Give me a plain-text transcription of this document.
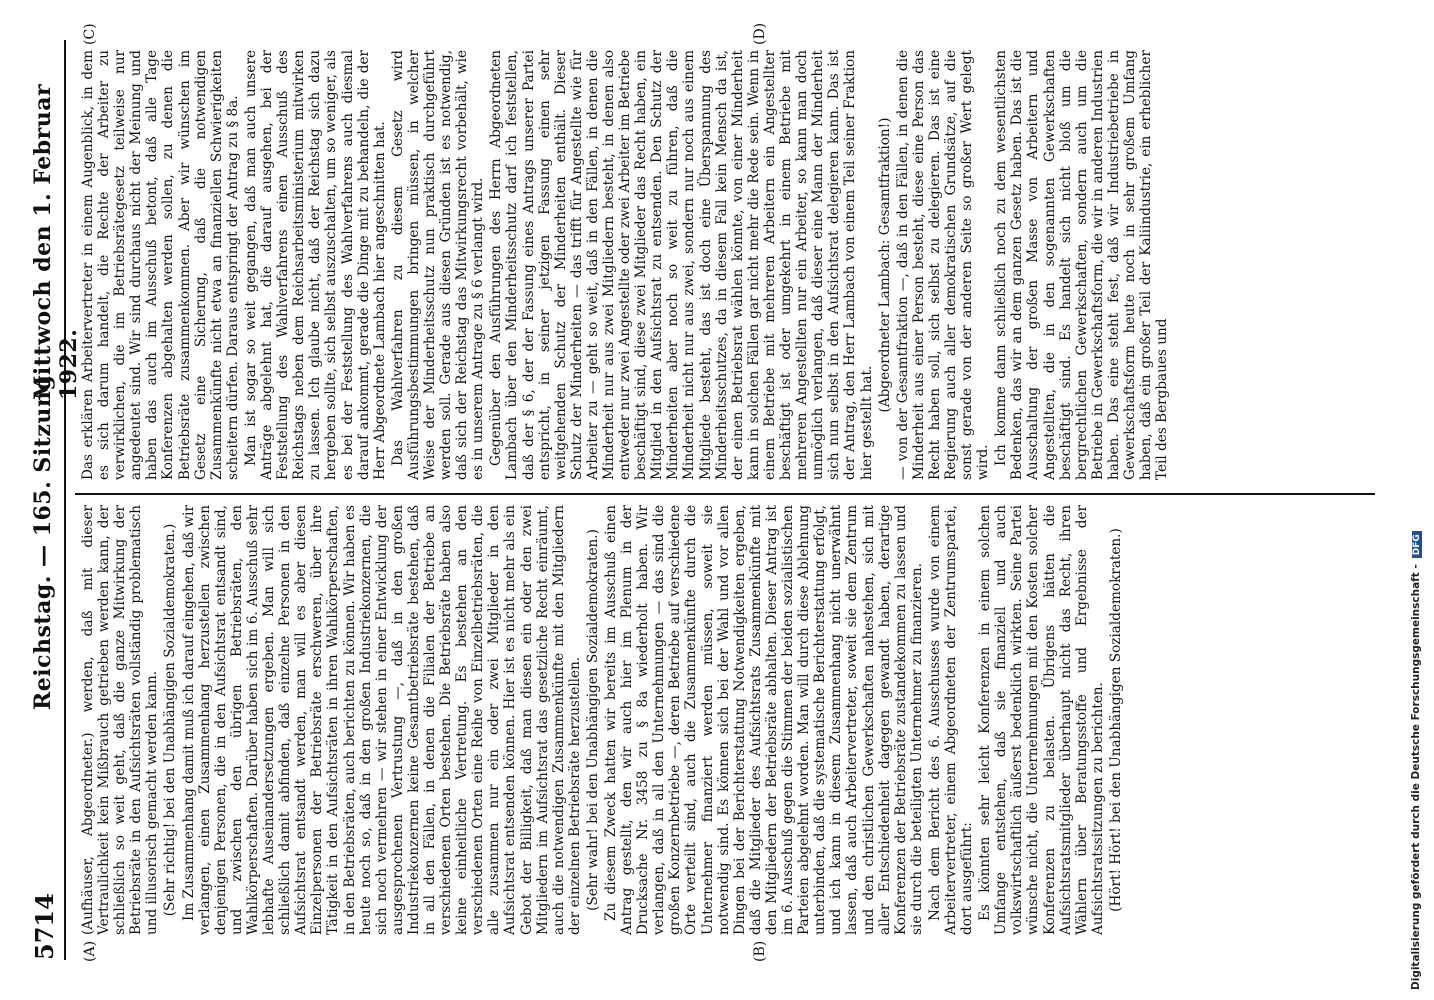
5714
Reichstag. — 165. Sitzung.
Mittwoch den 1. Februar 1922.
(A)	(B)
(C)	(D)

(Aufhäuser, Abgeordneter.) werden, daß mit dieser Vertraulichkeit kein Mißbrauch getrieben werden kann, der schließlich so weit geht, daß die ganze Mitwirkung der Betriebsräte in den Aufsichtsräten vollständig problematisch und illusorisch gemacht werden kann. (Sehr richtig! bei den Unabhängigen Sozialdemokraten.) Im Zusammenhang damit muß ich darauf eingehen, daß wir verlangen, einen Zusammenhang herzustellen zwischen denjenigen Personen, die in den Aufsichtsrat entsandt sind, und zwischen den übrigen Betriebsräten, den Wahlkörperschaften. Darüber haben sich im 6. Ausschuß sehr lebhafte Auseinandersetzungen ergeben. Man will sich schließlich damit abfinden, daß einzelne Personen in den Aufsichtsrat entsandt werden, man will es aber diesen Einzelpersonen der Betriebsräte erschweren, über ihre Tätigkeit in den Aufsichtsräten in ihren Wahlkörperschaften, in den Betriebsräten, auch berichten zu können. Wir haben es heute noch so, daß in den großen Industriekonzernen, die sich noch vermehren — wir stehen in einer Entwicklung der ausgesprochenen Vertrustung —, daß in den großen Industriekonzernen keine Gesamtbetriebsräte bestehen, daß in all den Fällen, in denen die Filialen der Betriebe an verschiedenen Orten bestehen. Die Betriebsräte haben also keine einheitliche Vertretung. Es bestehen an den verschiedenen Orten eine Reihe von Einzelbetriebsräten, die alle zusammen nur ein oder zwei Mitglieder in den Aufsichtsrat entsenden können. Hier ist es nicht mehr als ein Gebot der Billigkeit, daß man diesen ein oder den zwei Mitgliedern im Aufsichtsrat das gesetzliche Recht einräumt, auch die notwendigen Zusammenkünfte mit den Mitgliedern der einzelnen Betriebsräte herzustellen. (Sehr wahr! bei den Unabhängigen Sozialdemokraten.) Zu diesem Zweck hatten wir bereits im Ausschuß einen Antrag gestellt, den wir auch hier im Plenum in der Drucksache Nr. 3458 zu § 8a wiederholt haben. Wir verlangen, daß in all den Unternehmungen — das sind die großen Konzernbetriebe —, deren Betriebe auf verschiedene Orte verteilt sind, auch die Zusammenkünfte durch die Unternehmer finanziert werden müssen, soweit sie notwendig sind. Es können sich bei der Wahl und vor allen Dingen bei der Berichterstattung Notwendigkeiten ergeben, daß die Mitglieder des Aufsichtsrats Zusammenkünfte mit den Mitgliedern der Betriebsräte abhalten. Dieser Antrag ist im 6. Ausschuß gegen die Stimmen der beiden sozialistischen Parteien abgelehnt worden. Man will durch diese Ablehnung unterbinden, daß die systematische Berichterstattung erfolgt, und ich kann in diesem Zusammenhang nicht unerwähnt lassen, daß auch Arbeitervertreter, soweit sie dem Zentrum und den christlichen Gewerkschaften nahestehen, sich mit aller Entschiedenheit dagegen gewandt haben, derartige Konferenzen der Betriebsräte zustandekommen zu lassen und sie durch die beteiligten Unternehmer zu finanzieren. Nach dem Bericht des 6. Ausschusses wurde von einem Arbeitervertreter, einem Abgeordneten der Zentrumspartei, dort ausgeführt: Es könnten sehr leicht Konferenzen in einem solchen Umfange entstehen, daß sie finanziell und auch volkswirtschaftlich äußerst bedenklich wirkten. Seine Partei wünsche nicht, die Unternehmungen mit den Kosten solcher Konferenzen zu belasten. Übrigens hätten die Aufsichtsratsmitglieder überhaupt nicht das Recht, ihren Wählern über Beratungsstoffe und Ergebnisse der Aufsichtsratssitzungen zu berichten. (Hört! Hört! bei den Unabhängigen Sozialdemokraten.)

Das erklären Arbeitervertreter in einem Augenblick, in dem es sich darum handelt, die Rechte der Arbeiter zu verwirklichen, die im Betriebsrätegesetz teilweise nur angedeutet sind. Wir sind durchaus nicht der Meinung und haben das auch im Ausschuß betont, daß alle Tage Konferenzen abgehalten werden sollen, zu denen die Betriebsräte zusammenkommen. Aber wir wünschen im Gesetz eine Sicherung, daß die notwendigen Zusammenkünfte nicht etwa an finanziellen Schwierigkeiten scheitern dürfen. Daraus entspringt der Antrag zu § 8a. Man ist sogar so weit gegangen, daß man auch unsere Anträge abgelehnt hat, die darauf ausgehen, bei der Feststellung des Wahlverfahrens einen Ausschuß des Reichstags neben dem Reichsarbeitsministerium mitwirken zu lassen. Ich glaube nicht, daß der Reichstag sich dazu hergeben sollte, sich selbst auszuschalten, um so weniger, als es bei der Feststellung des Wahlverfahrens auch diesmal darauf ankommt, gerade die Dinge mit zu behandeln, die der Herr Abgeordnete Lambach hier angeschnitten hat. Das Wahlverfahren zu diesem Gesetz wird Ausführungsbestimmungen bringen müssen, in welcher Weise der Minderheitsschutz nun praktisch durchgeführt werden soll. Gerade aus diesen Gründen ist es notwendig, daß sich der Reichstag das Mitwirkungsrecht vorbehält, wie es in unserem Antrage zu § 6 verlangt wird. Gegenüber den Ausführungen des Herrn Abgeordneten Lambach über den Minderheitsschutz darf ich feststellen, daß der § 6, der der Fassung eines Antrags unserer Partei entspricht, in seiner jetzigen Fassung einen sehr weitgehenden Schutz der Minderheiten enthält. Dieser Schutz der Minderheiten — das trifft für Angestellte wie für Arbeiter zu — geht so weit, daß in den Fällen, in denen die Minderheit nur aus zwei Mitgliedern besteht, in denen also entweder nur zwei Angestellte oder zwei Arbeiter im Betriebe beschäftigt sind, diese zwei Mitglieder das Recht haben, ein Mitglied in den Aufsichtsrat zu entsenden. Den Schutz der Minderheiten aber noch so weit zu führen, daß die Minderheit nicht nur aus zwei, sondern nur noch aus einem Mitgliede besteht, das ist doch eine Überspannung des Minderheitsschutzes, da in diesem Fall kein Mensch da ist, der einen Betriebsrat wählen könnte, von einer Minderheit kann in solchen Fällen gar nicht mehr die Rede sein. Wenn in einem Betriebe mit mehreren Arbeitern ein Angestellter beschäftigt ist oder umgekehrt in einem Betriebe mit mehreren Angestellten nur ein Arbeiter, so kann man doch unmöglich verlangen, daß dieser eine Mann der Minderheit sich nun selbst in den Aufsichtsrat delegieren kann. Das ist der Antrag, den Herr Lambach von einem Teil seiner Fraktion hier gestellt hat.

(Abgeordneter Lambach: Gesamtfraktion!) — von der Gesamtfraktion —, daß in den Fällen, in denen die Minderheit aus einer Person besteht, diese eine Person das Recht haben soll, sich selbst zu delegieren. Das ist eine Regierung auch aller demokratischen Grundsätze, auf die sonst gerade von der anderen Seite so großer Wert gelegt wird. Ich komme dann schließlich noch zu dem wesentlichsten Bedenken, das wir an dem ganzen Gesetz haben. Das ist die Ausschaltung der großen Masse von Arbeitern und Angestellten, die in den sogenannten Gewerkschaften beschäftigt sind. Es handelt sich nicht bloß um die bergrechtlichen Gewerkschaften, sondern auch um die Betriebe in Gewerkschaftsform, die wir in anderen Industrien haben. Das eine steht fest, daß wir Industriebetriebe in Gewerkschaftsform heute noch in sehr großem Umfang haben, daß ein großer Teil der Kaliindustrie, ein erheblicher Teil des Bergbaues und

Digitalisierung gefördert durch die Deutsche Forschungsgemeinschaft -DFG
